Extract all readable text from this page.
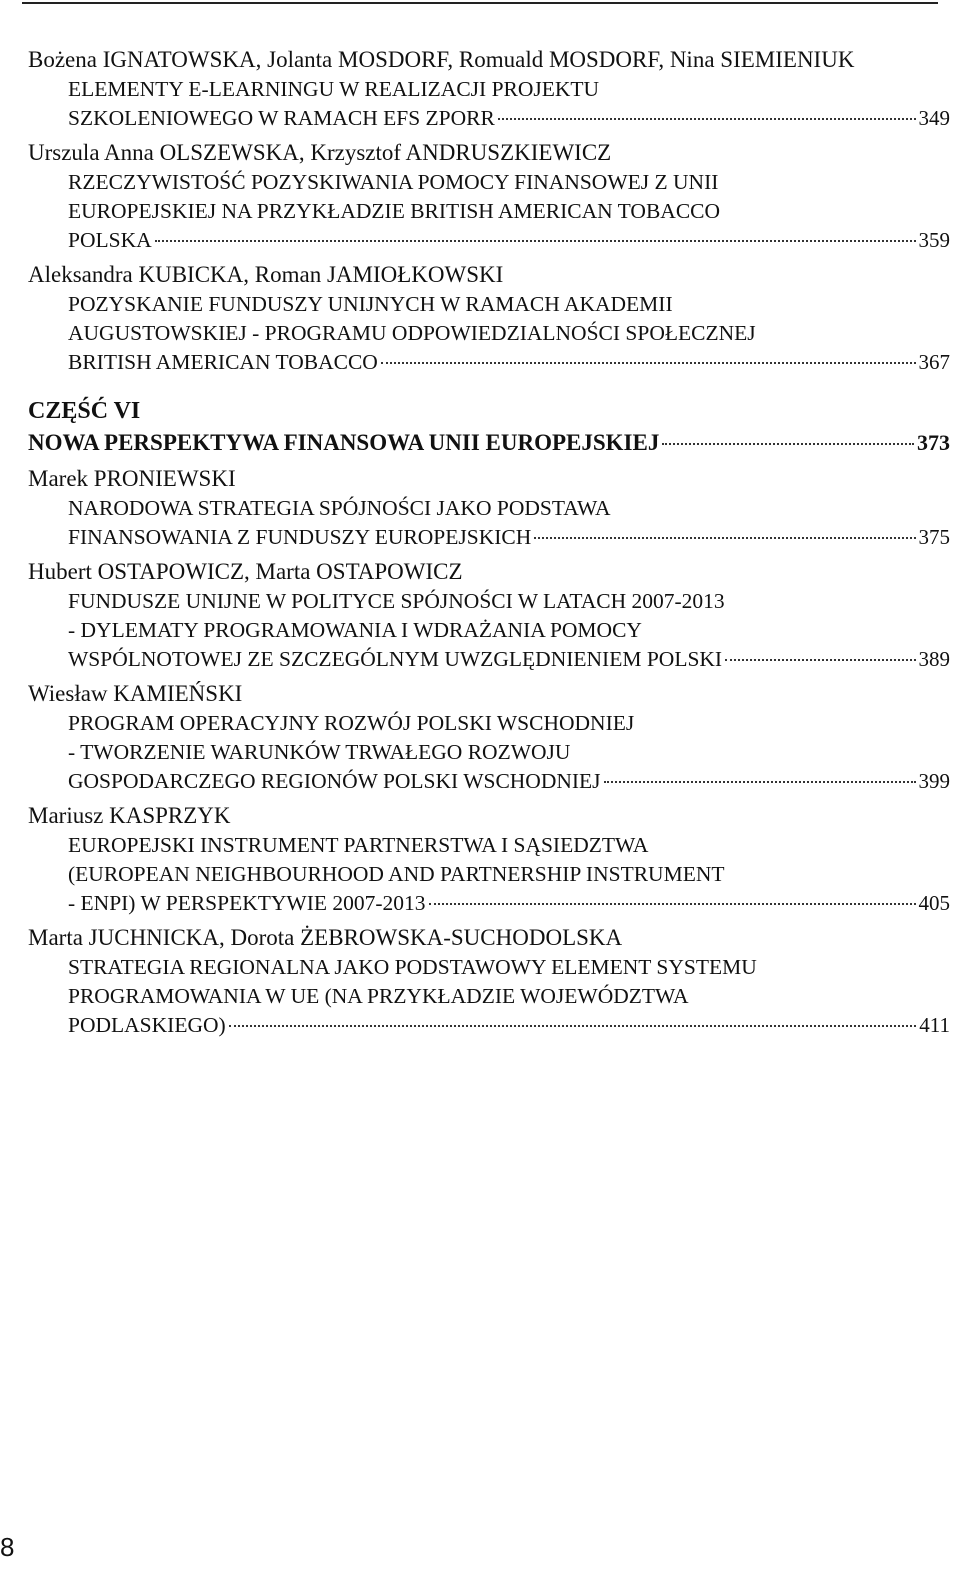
Bożena IGNATOWSKA, Jolanta MOSDORF, Romuald MOSDORF, Nina SIEMIENIUK

ELEMENTY E-LEARNINGU W REALIZACJI PROJEKTU
SZKOLENIOWEGO W RAMACH EFS ZPORR	349

Urszula Anna OLSZEWSKA, Krzysztof ANDRUSZKIEWICZ

RZECZYWISTOŚĆ POZYSKIWANIA POMOCY FINANSOWEJ Z UNII
EUROPEJSKIEJ NA PRZYKŁADZIE BRITISH AMERICAN TOBACCO
POLSKA	359

Aleksandra KUBICKA, Roman JAMIOŁKOWSKI

POZYSKANIE FUNDUSZY UNIJNYCH W RAMACH AKADEMII
AUGUSTOWSKIEJ - PROGRAMU ODPOWIEDZIALNOŚCI SPOŁECZNEJ
BRITISH AMERICAN TOBACCO	367

CZĘŚĆ VI

NOWA PERSPEKTYWA FINANSOWA UNII EUROPEJSKIEJ	373

Marek PRONIEWSKI

NARODOWA STRATEGIA SPÓJNOŚCI JAKO PODSTAWA
FINANSOWANIA Z FUNDUSZY EUROPEJSKICH	375

Hubert OSTAPOWICZ, Marta OSTAPOWICZ

FUNDUSZE UNIJNE W POLITYCE SPÓJNOŚCI W LATACH 2007-2013
- DYLEMATY PROGRAMOWANIA I WDRAŻANIA POMOCY
WSPÓLNOTOWEJ ZE SZCZEGÓLNYM UWZGLĘDNIENIEM POLSKI	389

Wiesław KAMIEŃSKI

PROGRAM OPERACYJNY ROZWÓJ POLSKI WSCHODNIEJ
- TWORZENIE WARUNKÓW TRWAŁEGO ROZWOJU
GOSPODARCZEGO REGIONÓW POLSKI WSCHODNIEJ	399

Mariusz KASPRZYK

EUROPEJSKI INSTRUMENT PARTNERSTWA I SĄSIEDZTWA
(EUROPEAN NEIGHBOURHOOD AND PARTNERSHIP INSTRUMENT
- ENPI) W PERSPEKTYWIE 2007-2013	405

Marta JUCHNICKA, Dorota ŻEBROWSKA-SUCHODOLSKA

STRATEGIA REGIONALNA JAKO PODSTAWOWY ELEMENT SYSTEMU
PROGRAMOWANIA W UE (NA PRZYKŁADZIE WOJEWÓDZTWA
PODLASKIEGO)	411
8
